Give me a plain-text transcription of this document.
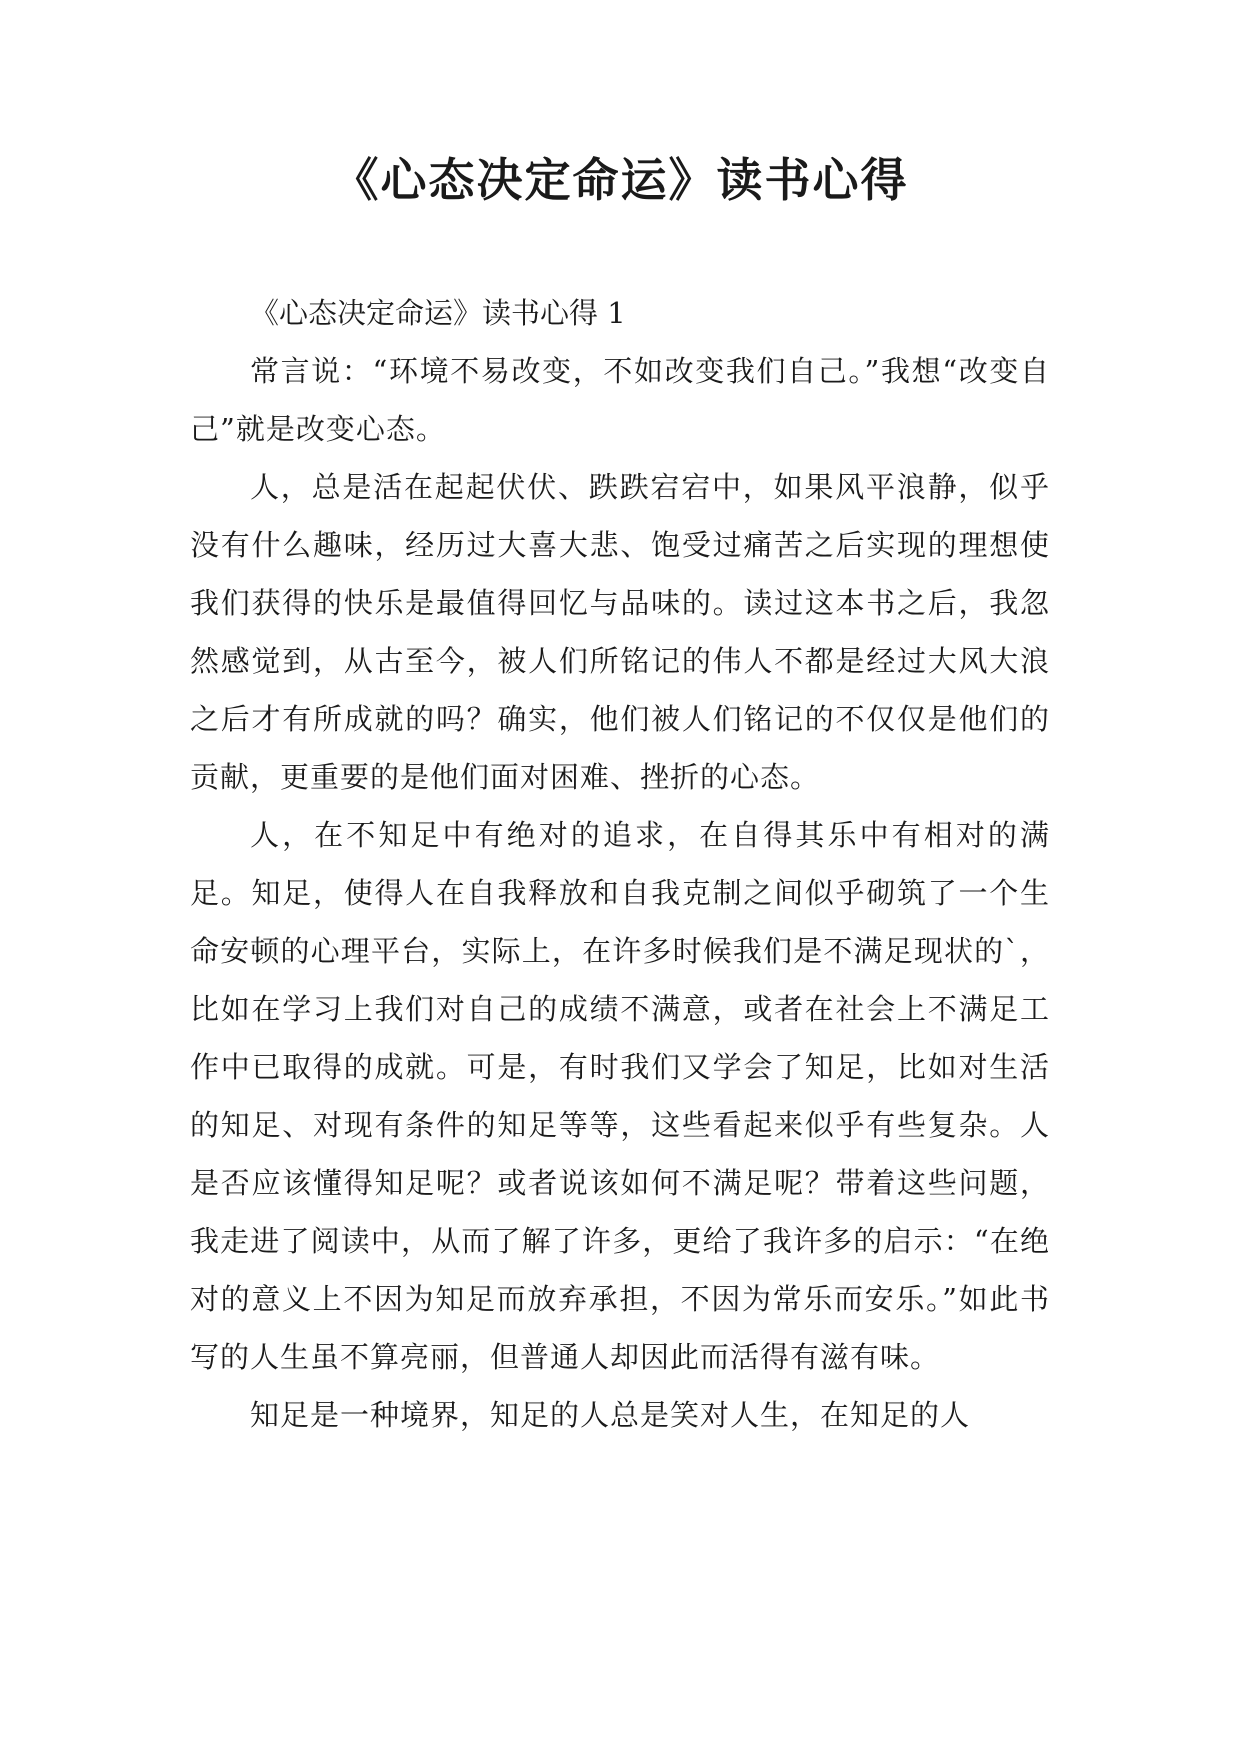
《心态决定命运》读书心得

《心态决定命运》读书心得 1

常言说：“环境不易改变，不如改变我们自己。”我想“改变自己”就是改变心态。

人，总是活在起起伏伏、跌跌宕宕中，如果风平浪静，似乎没有什么趣味，经历过大喜大悲、饱受过痛苦之后实现的理想使我们获得的快乐是最值得回忆与品味的。读过这本书之后，我忽然感觉到，从古至今，被人们所铭记的伟人不都是经过大风大浪之后才有所成就的吗？确实，他们被人们铭记的不仅仅是他们的贡献，更重要的是他们面对困难、挫折的心态。

人，在不知足中有绝对的追求，在自得其乐中有相对的满足。知足，使得人在自我释放和自我克制之间似乎砌筑了一个生命安顿的心理平台，实际上，在许多时候我们是不满足现状的`，比如在学习上我们对自己的成绩不满意，或者在社会上不满足工作中已取得的成就。可是，有时我们又学会了知足，比如对生活的知足、对现有条件的知足等等，这些看起来似乎有些复杂。人是否应该懂得知足呢？或者说该如何不满足呢？带着这些问题，我走进了阅读中，从而了解了许多，更给了我许多的启示：“在绝对的意义上不因为知足而放弃承担，不因为常乐而安乐。”如此书写的人生虽不算亮丽，但普通人却因此而活得有滋有味。

知足是一种境界，知足的人总是笑对人生，在知足的人
